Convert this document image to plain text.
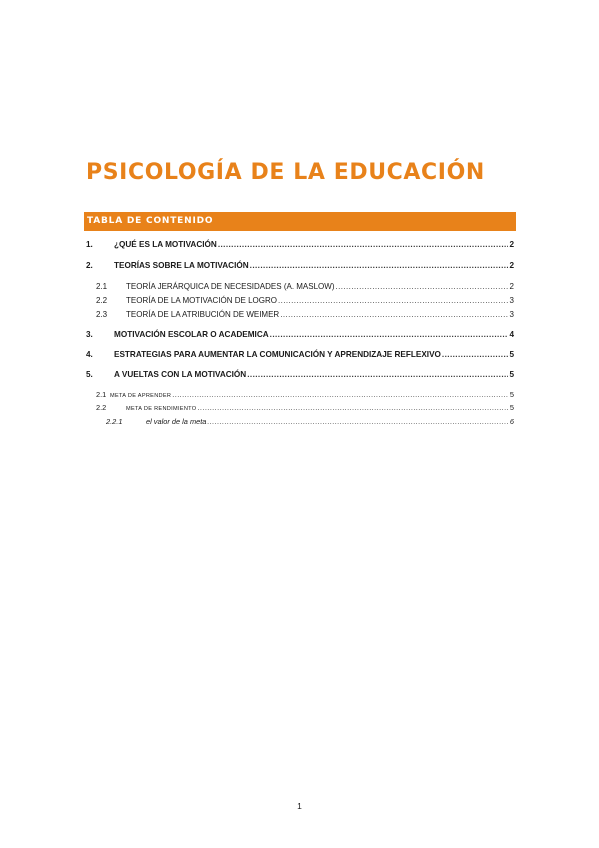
PSICOLOGÍA DE LA EDUCACIÓN
TABLA DE CONTENIDO
1.	¿QUÉ ES LA MOTIVACIÓN .....	2
2.	TEORÍAS SOBRE LA MOTIVACIÓN .....	2
2.1	TEORÍA JERÁRQUICA DE NECESIDADES (A. MASLOW) .....	2
2.2	TEORÍA DE LA MOTIVACIÓN DE LOGRO .....	3
2.3	TEORÍA DE LA ATRIBUCIÓN DE WEIMER .....	3
3.	MOTIVACIÓN ESCOLAR O ACADEMICA .....	4
4.	ESTRATEGIAS PARA AUMENTAR LA COMUNICACIÓN Y APRENDIZAJE REFLEXIVO .....	5
5.	A VUELTAS CON LA MOTIVACIÓN .....	5
2.1 META DE APRENDER .....	5
2.2	META DE RENDIMIENTO .....	5
2.2.1	el valor de la meta .....	6
1
